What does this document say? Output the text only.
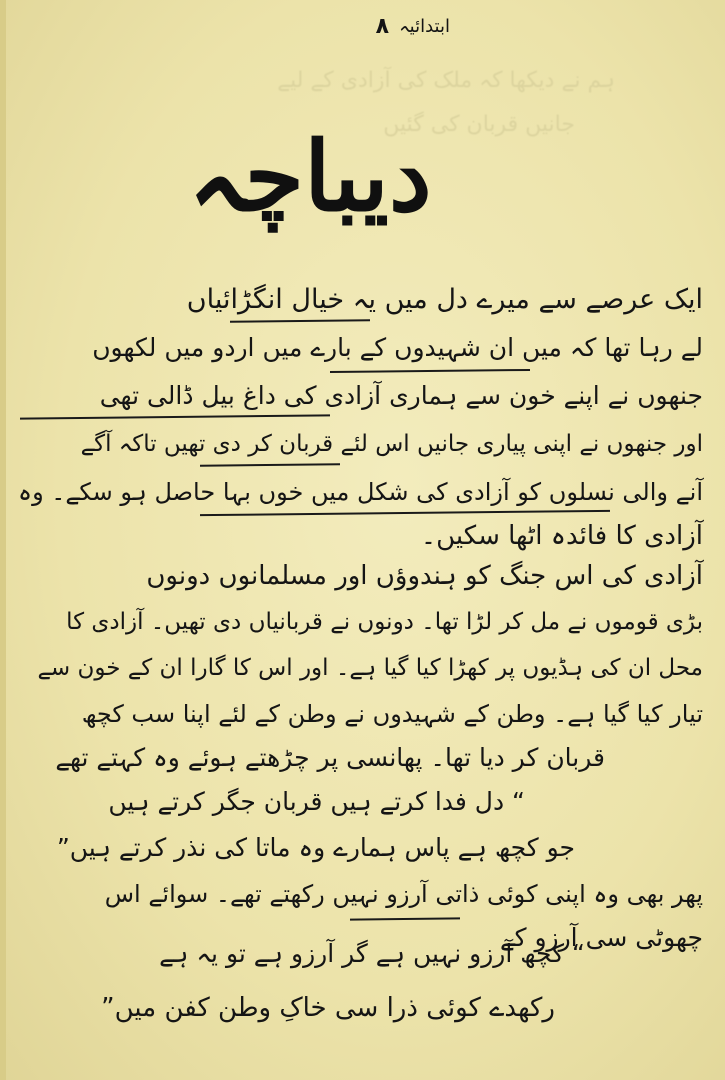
ہم نے دیکھا کہ ملک کی آزادی کے لیے
جانیں قربان کی گئیں
ابتدائیہ
۸
دیباچہ
ایک عرصے سے میرے دل میں یہ خیال انگڑائیاں
لے رہا تھا کہ میں ان شہیدوں کے بارے میں اردو میں لکھوں
جنھوں نے اپنے خون سے ہماری آزادی کی داغ بیل ڈالی تھی
اور جنھوں نے اپنی پیاری جانیں اس لئے قربان کر دی تھیں تاکہ آگے
آنے والی نسلوں کو آزادی کی شکل میں خوں بہا حاصل ہو سکے۔ وہ
آزادی کا فائدہ اٹھا سکیں۔
آزادی کی اس جنگ کو ہندوؤں اور مسلمانوں دونوں
بڑی قوموں نے مل کر لڑا تھا۔ دونوں نے قربانیاں دی تھیں۔ آزادی کا
محل ان کی ہڈیوں پر کھڑا کیا گیا ہے۔ اور اس کا گارا ان کے خون سے
تیار کیا گیا ہے۔ وطن کے شہیدوں نے وطن کے لئے اپنا سب کچھ
قربان کر دیا تھا۔ پھانسی پر چڑھتے ہوئے وہ کہتے تھے
“ دل فدا کرتے ہیں قربان جگر کرتے ہیں
جو کچھ ہے پاس ہمارے وہ ماتا کی نذر کرتے ہیں”
پھر بھی وہ اپنی کوئی ذاتی آرزو نہیں رکھتے تھے۔ سوائے اس
چھوٹی سی آرزو کے
“ کچھ آرزو نہیں ہے گر آرزو ہے تو یہ ہے
رکھدے کوئی ذرا سی خاکِ وطن کفن میں”
